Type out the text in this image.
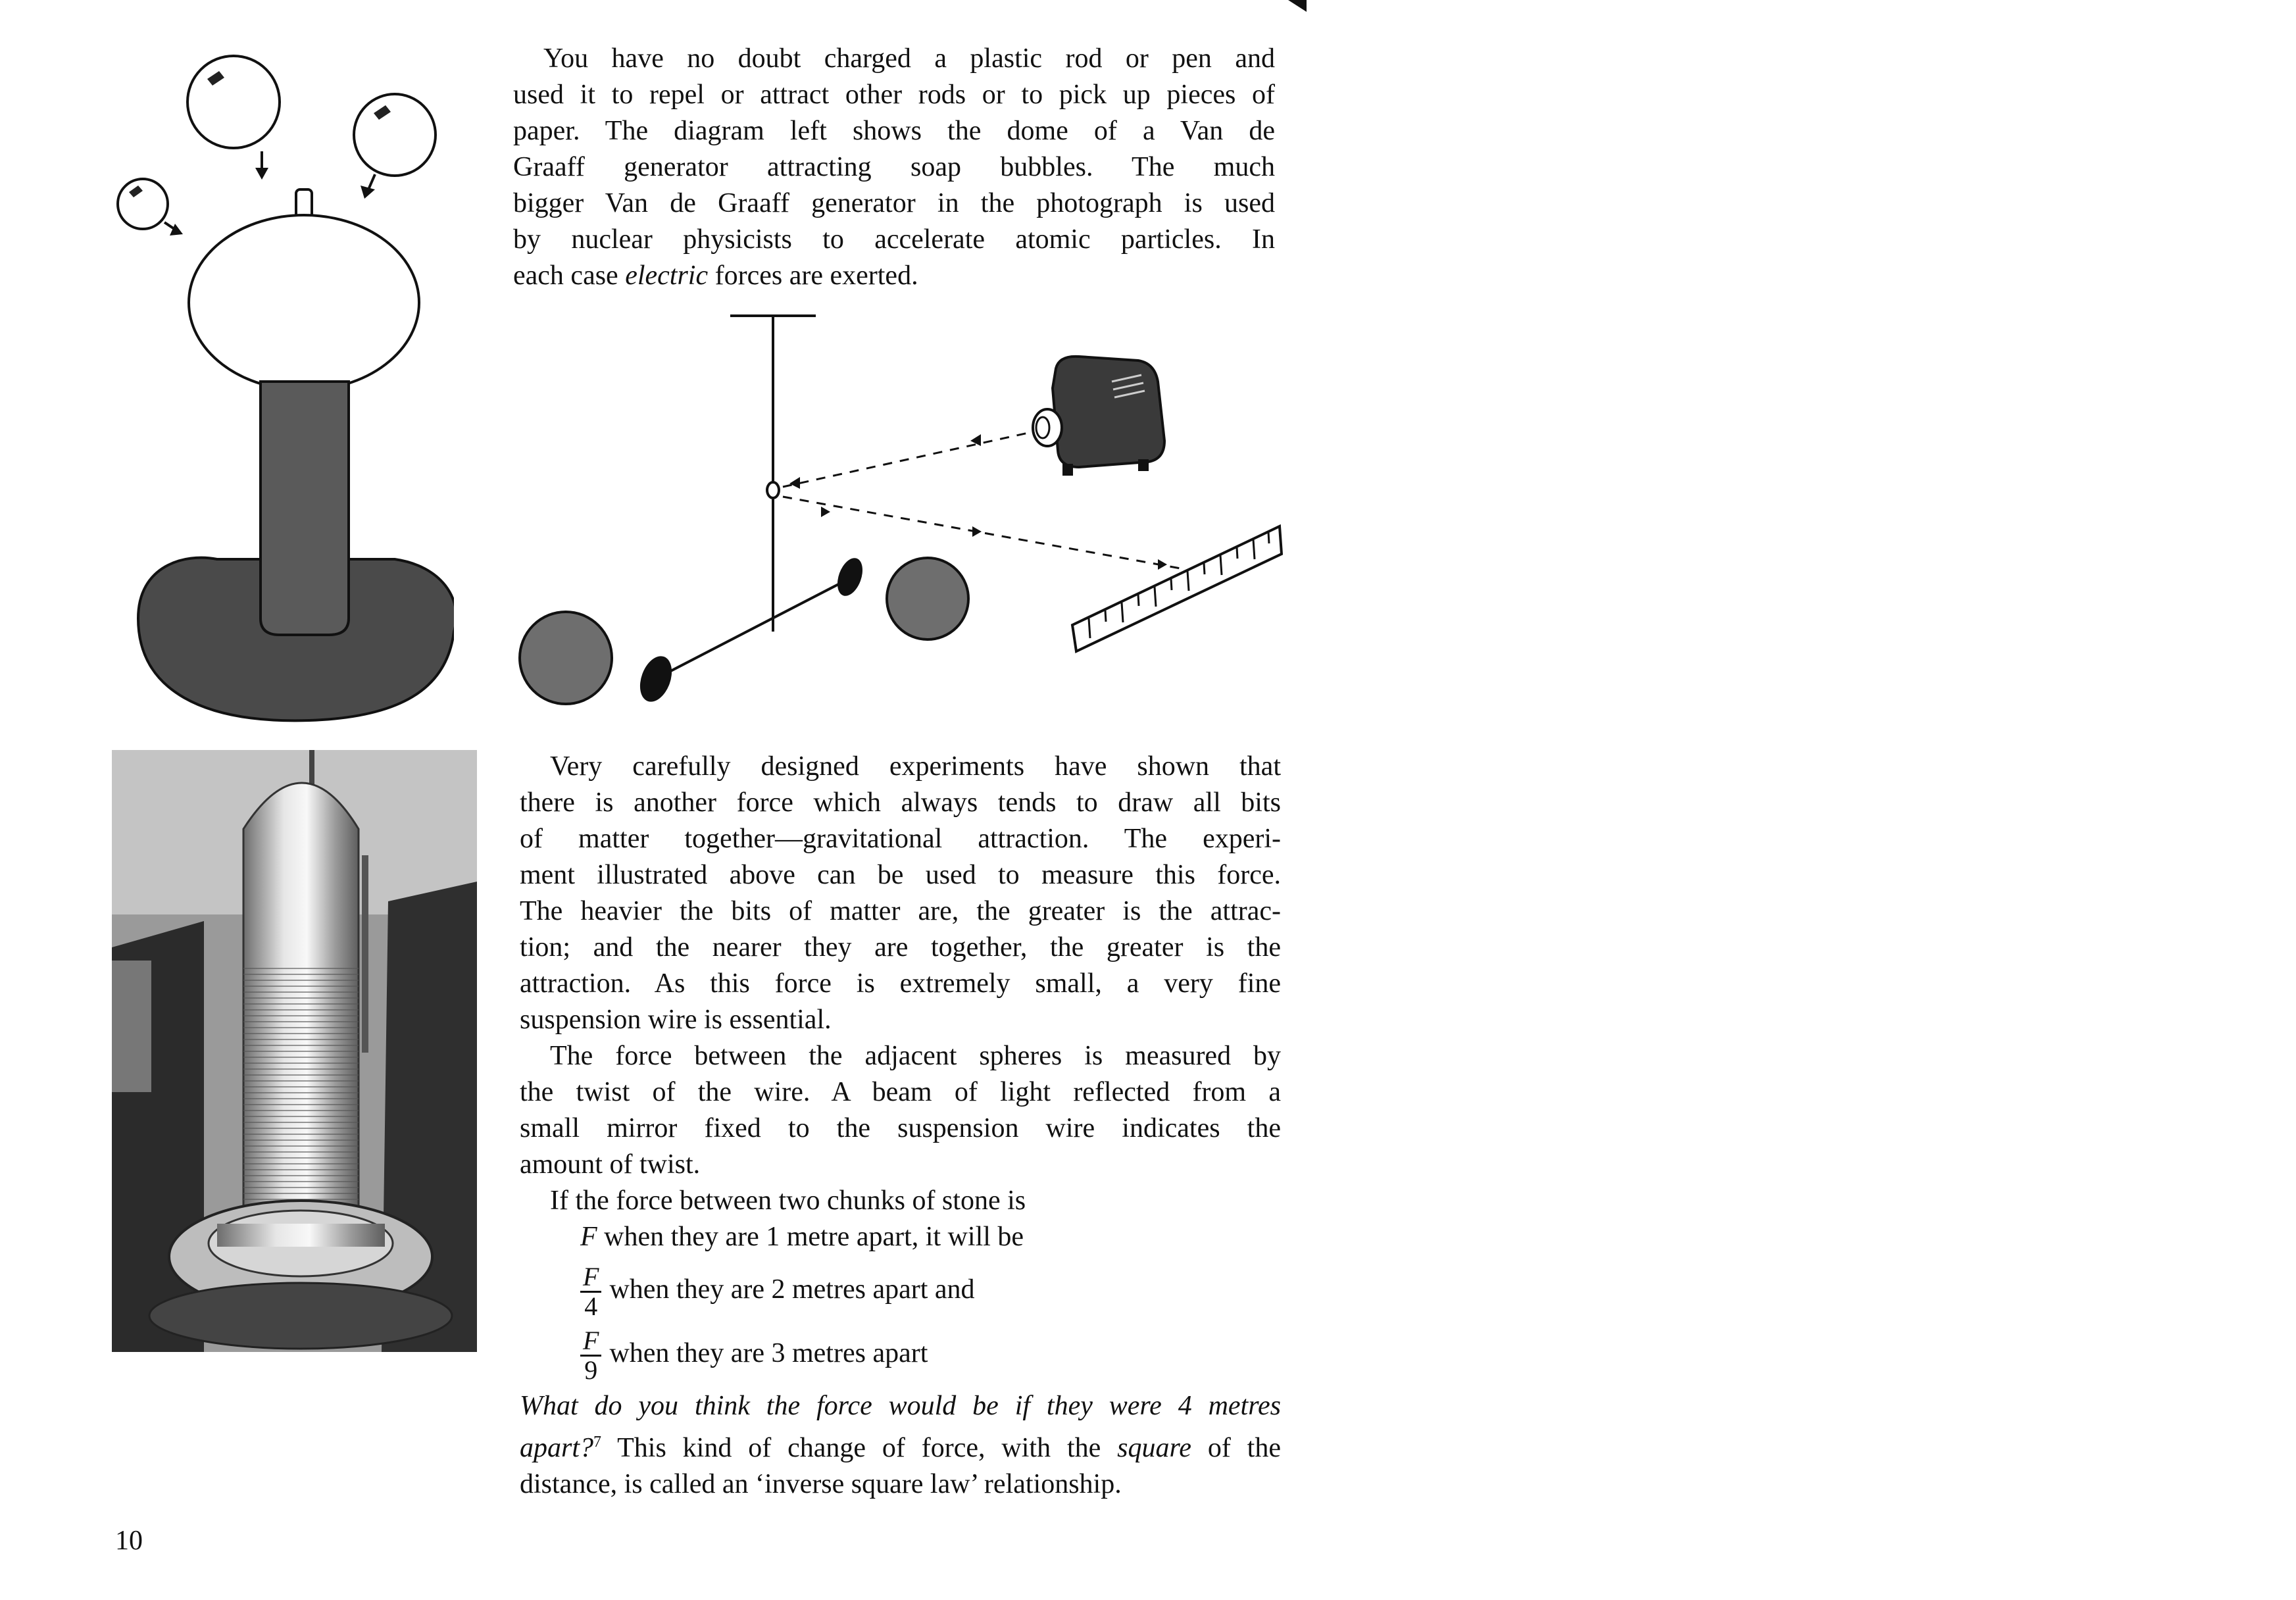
You have no doubt charged a plastic rod or pen and
used it to repel or attract other rods or to pick up pieces of
paper. The diagram left shows the dome of a Van de
Graaff generator attracting soap bubbles. The much
bigger Van de Graaff generator in the photograph is used
by nuclear physicists to accelerate atomic particles. In

each case electric forces are exerted.

Very carefully designed experiments have shown that
there is another force which always tends to draw all bits
of matter together—gravitational attraction. The experi-
ment illustrated above can be used to measure this force.
The heavier the bits of matter are, the greater is the attrac-
tion; and the nearer they are together, the greater is the
attraction. As this force is extremely small, a very fine

suspension wire is essential.

The force between the adjacent spheres is measured by
the twist of the wire. A beam of light reflected from a
small mirror fixed to the suspension wire indicates the

amount of twist.

If the force between two chunks of stone is
F when they are 1 metre apart, it will be
$\frac{F}{4}$ when they are 2 metres apart and
$\frac{F}{9}$ when they are 3 metres apart

What do you think the force would be if they were 4 metres
apart?$^7$ This kind of change of force, with the square of the

distance, is called an ‘inverse square law’ relationship.

10
